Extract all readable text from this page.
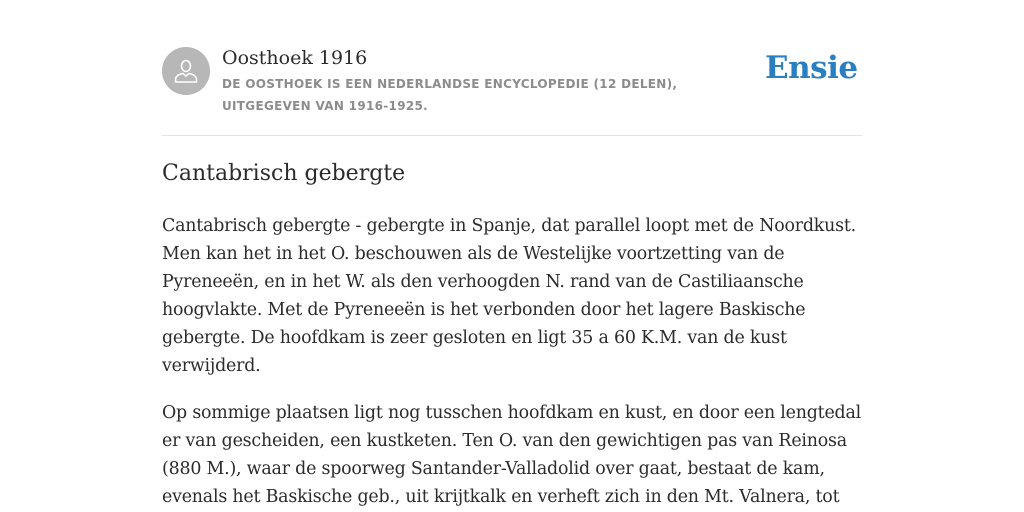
Oosthoek 1916
DE OOSTHOEK IS EEN NEDERLANDSE ENCYCLOPEDIE (12 DELEN), UITGEGEVEN VAN 1916-1925.
Ensie
Cantabrisch gebergte

Cantabrisch gebergte - gebergte in Spanje, dat parallel loopt met de Noordkust. Men kan het in het O. beschouwen als de Westelijke voortzetting van de Pyreneeën, en in het W. als den verhoogden N. rand van de Castiliaansche hoogvlakte. Met de Pyreneeën is het verbonden door het lagere Baskische gebergte. De hoofdkam is zeer gesloten en ligt 35 a 60 K.M. van de kust verwijderd.

Op sommige plaatsen ligt nog tusschen hoofdkam en kust, en door een lengtedal er van gescheiden, een kustketen. Ten O. van den gewichtigen pas van Reinosa (880 M.), waar de spoorweg Santander-Valladolid over gaat, bestaat de kam, evenals het Baskische geb., uit krijtkalk en verheft zich in den Mt. Valnera, tot
